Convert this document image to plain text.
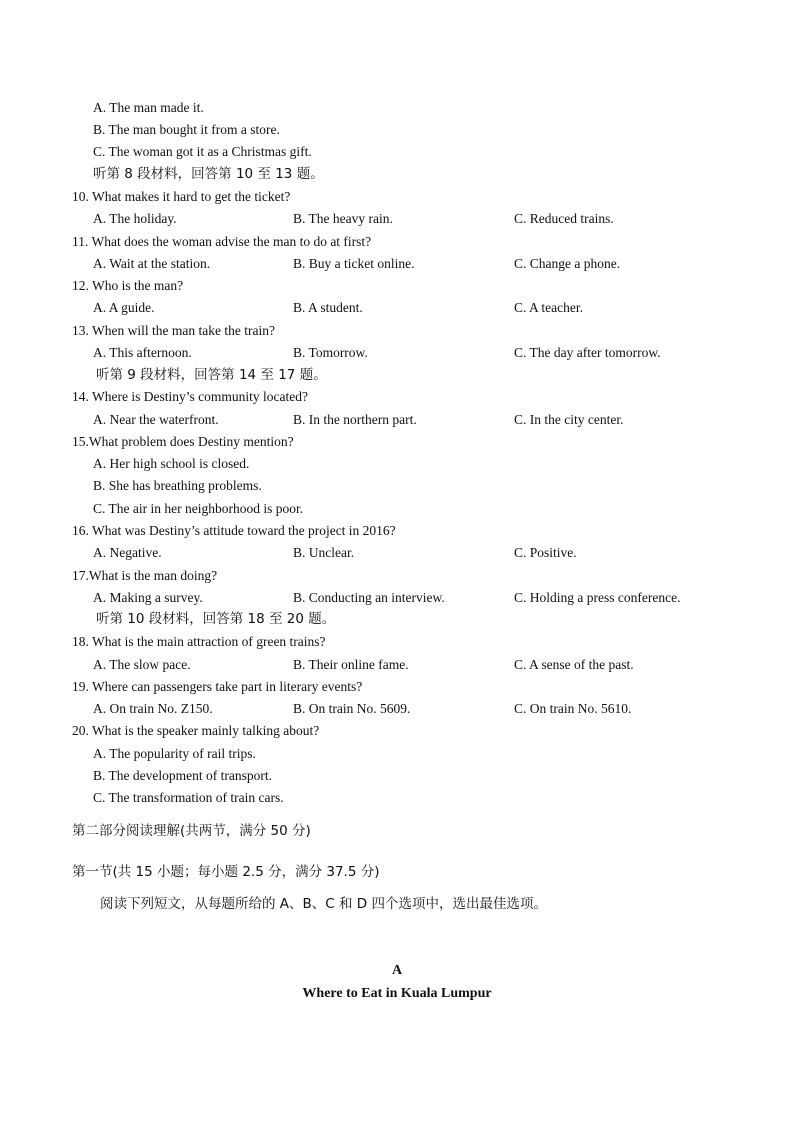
A. The man made it.
B. The man bought it from a store.
C. The woman got it as a Christmas gift.
听第 8 段材料，回答第 10 至 13 题。
10. What makes it hard to get the ticket?
A. The holiday.	B. The heavy rain.	C. Reduced trains.
11. What does the woman advise the man to do at first?
A. Wait at the station.	B. Buy a ticket online.	C. Change a phone.
12. Who is the man?
A. A guide.	B. A student.	C. A teacher.
13. When will the man take the train?
A. This afternoon.	B. Tomorrow.	C. The day after tomorrow.
听第 9 段材料，回答第 14 至 17 题。
14. Where is Destiny’s community located?
A. Near the waterfront.	B. In the northern part.	C. In the city center.
15.What problem does Destiny mention?
A. Her high school is closed.
B. She has breathing problems.
C. The air in her neighborhood is poor.
16. What was Destiny’s attitude toward the project in 2016?
A. Negative.	B. Unclear.	C. Positive.
17.What is the man doing?
A. Making a survey.	B. Conducting an interview.	C. Holding a press conference.
听第 10 段材料，回答第 18 至 20 题。
18. What is the main attraction of green trains?
A. The slow pace.	B. Their online fame.	C. A sense of the past.
19. Where can passengers take part in literary events?
A. On train No. Z150.	B. On train No. 5609.	C. On train No. 5610.
20. What is the speaker mainly talking about?
A. The popularity of rail trips.
B. The development of transport.
C. The transformation of train cars.
第二部分阅读理解(共两节，满分 50 分)
第一节(共 15 小题；每小题 2.5 分，满分 37.5 分)
阅读下列短文，从每题所给的 A、B、C 和 D 四个选项中，选出最佳选项。
A
Where to Eat in Kuala Lumpur
